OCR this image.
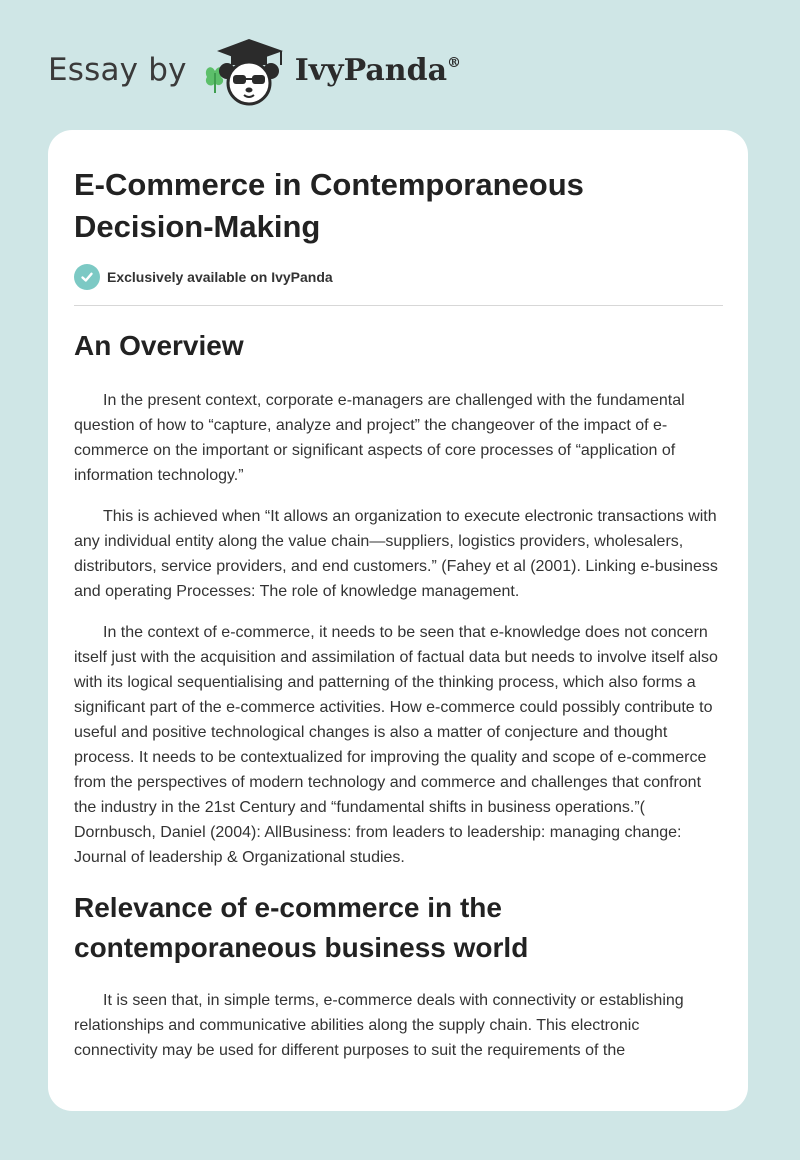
Essay by	IvyPanda®
E-Commerce in Contemporaneous Decision-Making
Exclusively available on IvyPanda
An Overview

In the present context, corporate e-managers are challenged with the fundamental question of how to “capture, analyze and project” the changeover of the impact of e-commerce on the important or significant aspects of core processes of “application of information technology.”

This is achieved when “It allows an organization to execute electronic transactions with any individual entity along the value chain—suppliers, logistics providers, wholesalers, distributors, service providers, and end customers.” (Fahey et al (2001). Linking e-business and operating Processes: The role of knowledge management.

In the context of e-commerce, it needs to be seen that e-knowledge does not concern itself just with the acquisition and assimilation of factual data but needs to involve itself also with its logical sequentialising and patterning of the thinking process, which also forms a significant part of the e-commerce activities. How e-commerce could possibly contribute to useful and positive technological changes is also a matter of conjecture and thought process. It needs to be contextualized for improving the quality and scope of e-commerce from the perspectives of modern technology and commerce and challenges that confront the industry in the 21st Century and “fundamental shifts in business operations.”( Dornbusch, Daniel (2004): AllBusiness: from leaders to leadership: managing change: Journal of leadership & Organizational studies.

Relevance of e-commerce in the contemporaneous business world

It is seen that, in simple terms, e-commerce deals with connectivity or establishing relationships and communicative abilities along the supply chain. This electronic connectivity may be used for different purposes to suit the requirements of the
